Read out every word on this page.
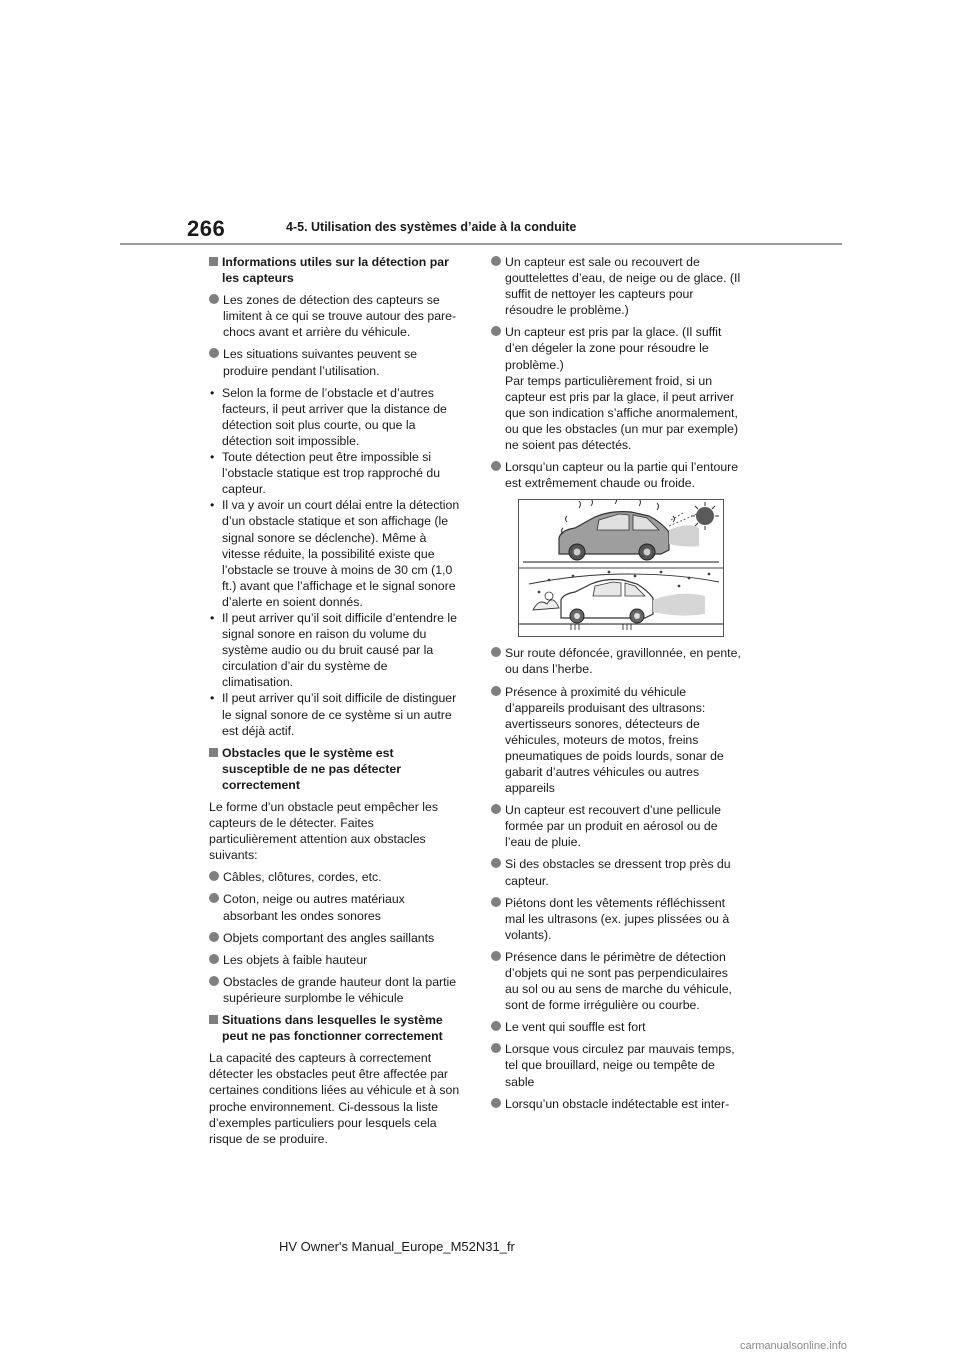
266	4-5. Utilisation des systèmes d’aide à la conduite
Informations utiles sur la détection par les capteurs
Les zones de détection des capteurs se limitent à ce qui se trouve autour des pare-chocs avant et arrière du véhicule.
Les situations suivantes peuvent se produire pendant l’utilisation.
• Selon la forme de l’obstacle et d’autres facteurs, il peut arriver que la distance de détection soit plus courte, ou que la détection soit impossible.
• Toute détection peut être impossible si l’obstacle statique est trop rapproché du capteur.
• Il va y avoir un court délai entre la détection d’un obstacle statique et son affichage (le signal sonore se déclenche). Même à vitesse réduite, la possibilité existe que l’obstacle se trouve à moins de 30 cm (1,0 ft.) avant que l’affichage et le signal sonore d’alerte en soient donnés.
• Il peut arriver qu’il soit difficile d’entendre le signal sonore en raison du volume du système audio ou du bruit causé par la circulation d’air du système de climatisation.
• Il peut arriver qu’il soit difficile de distinguer le signal sonore de ce système si un autre est déjà actif.
Obstacles que le système est susceptible de ne pas détecter correctement
Le forme d’un obstacle peut empêcher les capteurs de le détecter. Faites particulièrement attention aux obstacles suivants:
Câbles, clôtures, cordes, etc.
Coton, neige ou autres matériaux absorbant les ondes sonores
Objets comportant des angles saillants
Les objets à faible hauteur
Obstacles de grande hauteur dont la partie supérieure surplombe le véhicule
Situations dans lesquelles le système peut ne pas fonctionner correctement
La capacité des capteurs à correctement détecter les obstacles peut être affectée par certaines conditions liées au véhicule et à son proche environnement. Ci-dessous la liste d’exemples particuliers pour lesquels cela risque de se produire.
Un capteur est sale ou recouvert de gouttelettes d’eau, de neige ou de glace. (Il suffit de nettoyer les capteurs pour résoudre le problème.)
Un capteur est pris par la glace. (Il suffit d’en dégeler la zone pour résoudre le problème.)
Par temps particulièrement froid, si un capteur est pris par la glace, il peut arriver que son indication s’affiche anormalement, ou que les obstacles (un mur par exemple) ne soient pas détectés.
Lorsqu’un capteur ou la partie qui l’entoure est extrêmement chaude ou froide.
Sur route défoncée, gravillonnée, en pente, ou dans l’herbe.
Présence à proximité du véhicule d’appareils produisant des ultrasons: avertisseurs sonores, détecteurs de véhicules, moteurs de motos, freins pneumatiques de poids lourds, sonar de gabarit d’autres véhicules ou autres appareils
Un capteur est recouvert d’une pellicule formée par un produit en aérosol ou de l’eau de pluie.
Si des obstacles se dressent trop près du capteur.
Piétons dont les vêtements réfléchissent mal les ultrasons (ex. jupes plissées ou à volants).
Présence dans le périmètre de détection d’objets qui ne sont pas perpendiculaires au sol ou au sens de marche du véhicule, sont de forme irrégulière ou courbe.
Le vent qui souffle est fort
Lorsque vous circulez par mauvais temps, tel que brouillard, neige ou tempête de sable
Lorsqu’un obstacle indétectable est inter-
HV Owner's Manual_Europe_M52N31_fr
carmanualsonline.info
